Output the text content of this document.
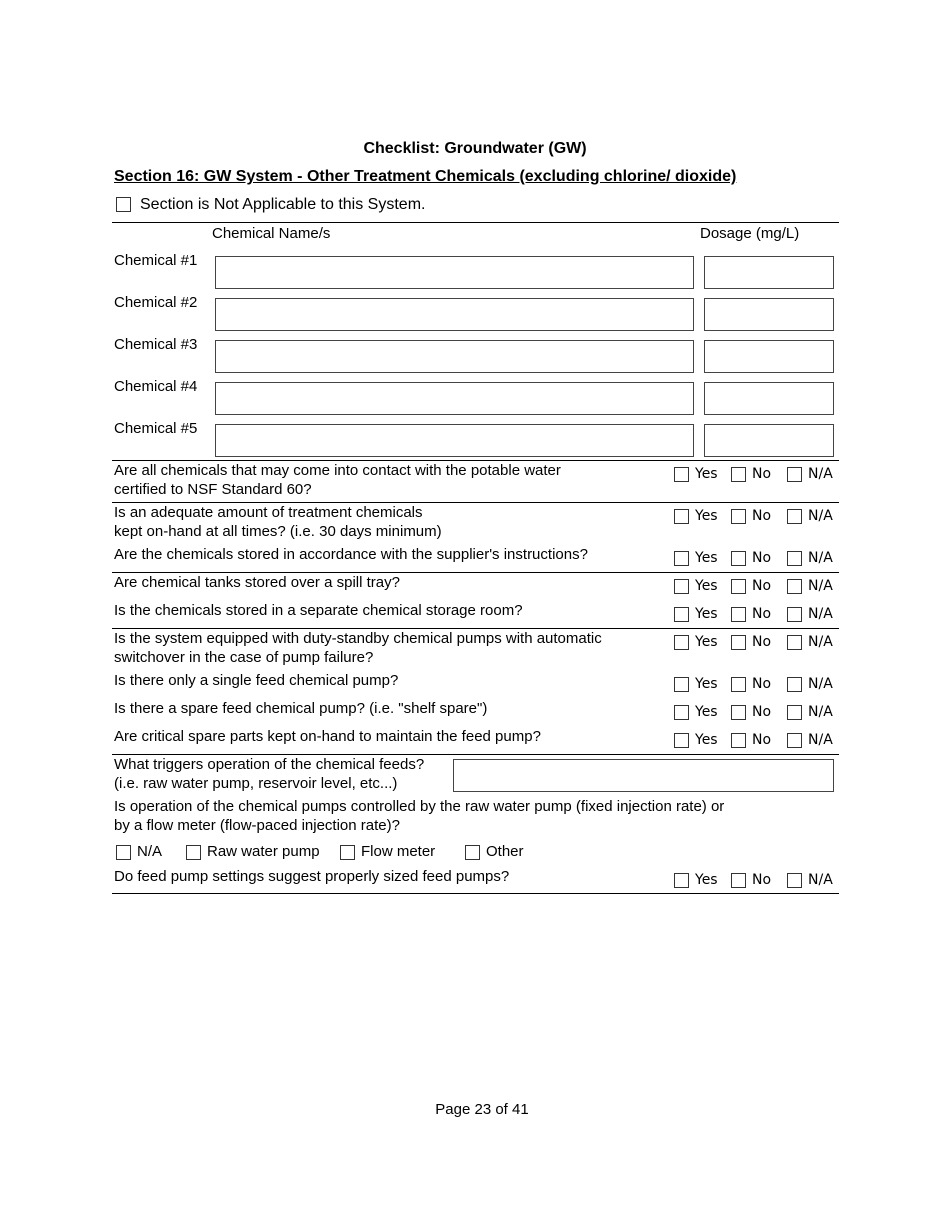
Checklist: Groundwater (GW)
Section 16: GW System - Other Treatment Chemicals (excluding chlorine/ dioxide)
Section is Not Applicable to this System.
Chemical Name/s	Dosage (mg/L)
Chemical #1
Chemical #2
Chemical #3
Chemical #4
Chemical #5
Are all chemicals that may come into contact with the potable water
certified to NSF Standard 60?
Yes	No	N/A
Is an adequate amount of treatment chemicals
kept on-hand at all times? (i.e. 30 days minimum)
Yes	No	N/A
Are the chemicals stored in accordance with the supplier's instructions?	Yes	No	N/A
Are chemical tanks stored over a spill tray?	Yes	No	N/A
Is the chemicals stored in a separate chemical storage room?	Yes	No	N/A
Is the system equipped with duty-standby chemical pumps with automatic
switchover in the case of pump failure?
Yes	No	N/A
Is there only a single feed chemical pump?	Yes	No	N/A
Is there a spare feed chemical pump? (i.e. "shelf spare")	Yes	No	N/A
Are critical spare parts kept on-hand to maintain the feed pump?	Yes	No	N/A
What triggers operation of the chemical feeds?
(i.e. raw water pump, reservoir level, etc...)
Is operation of the chemical pumps controlled by the raw water pump (fixed injection rate) or
by a flow meter (flow-paced injection rate)?
N/A	Raw water pump	Flow meter	Other
Do feed pump settings suggest properly sized feed pumps?	Yes	No	N/A
Page 23 of 41
